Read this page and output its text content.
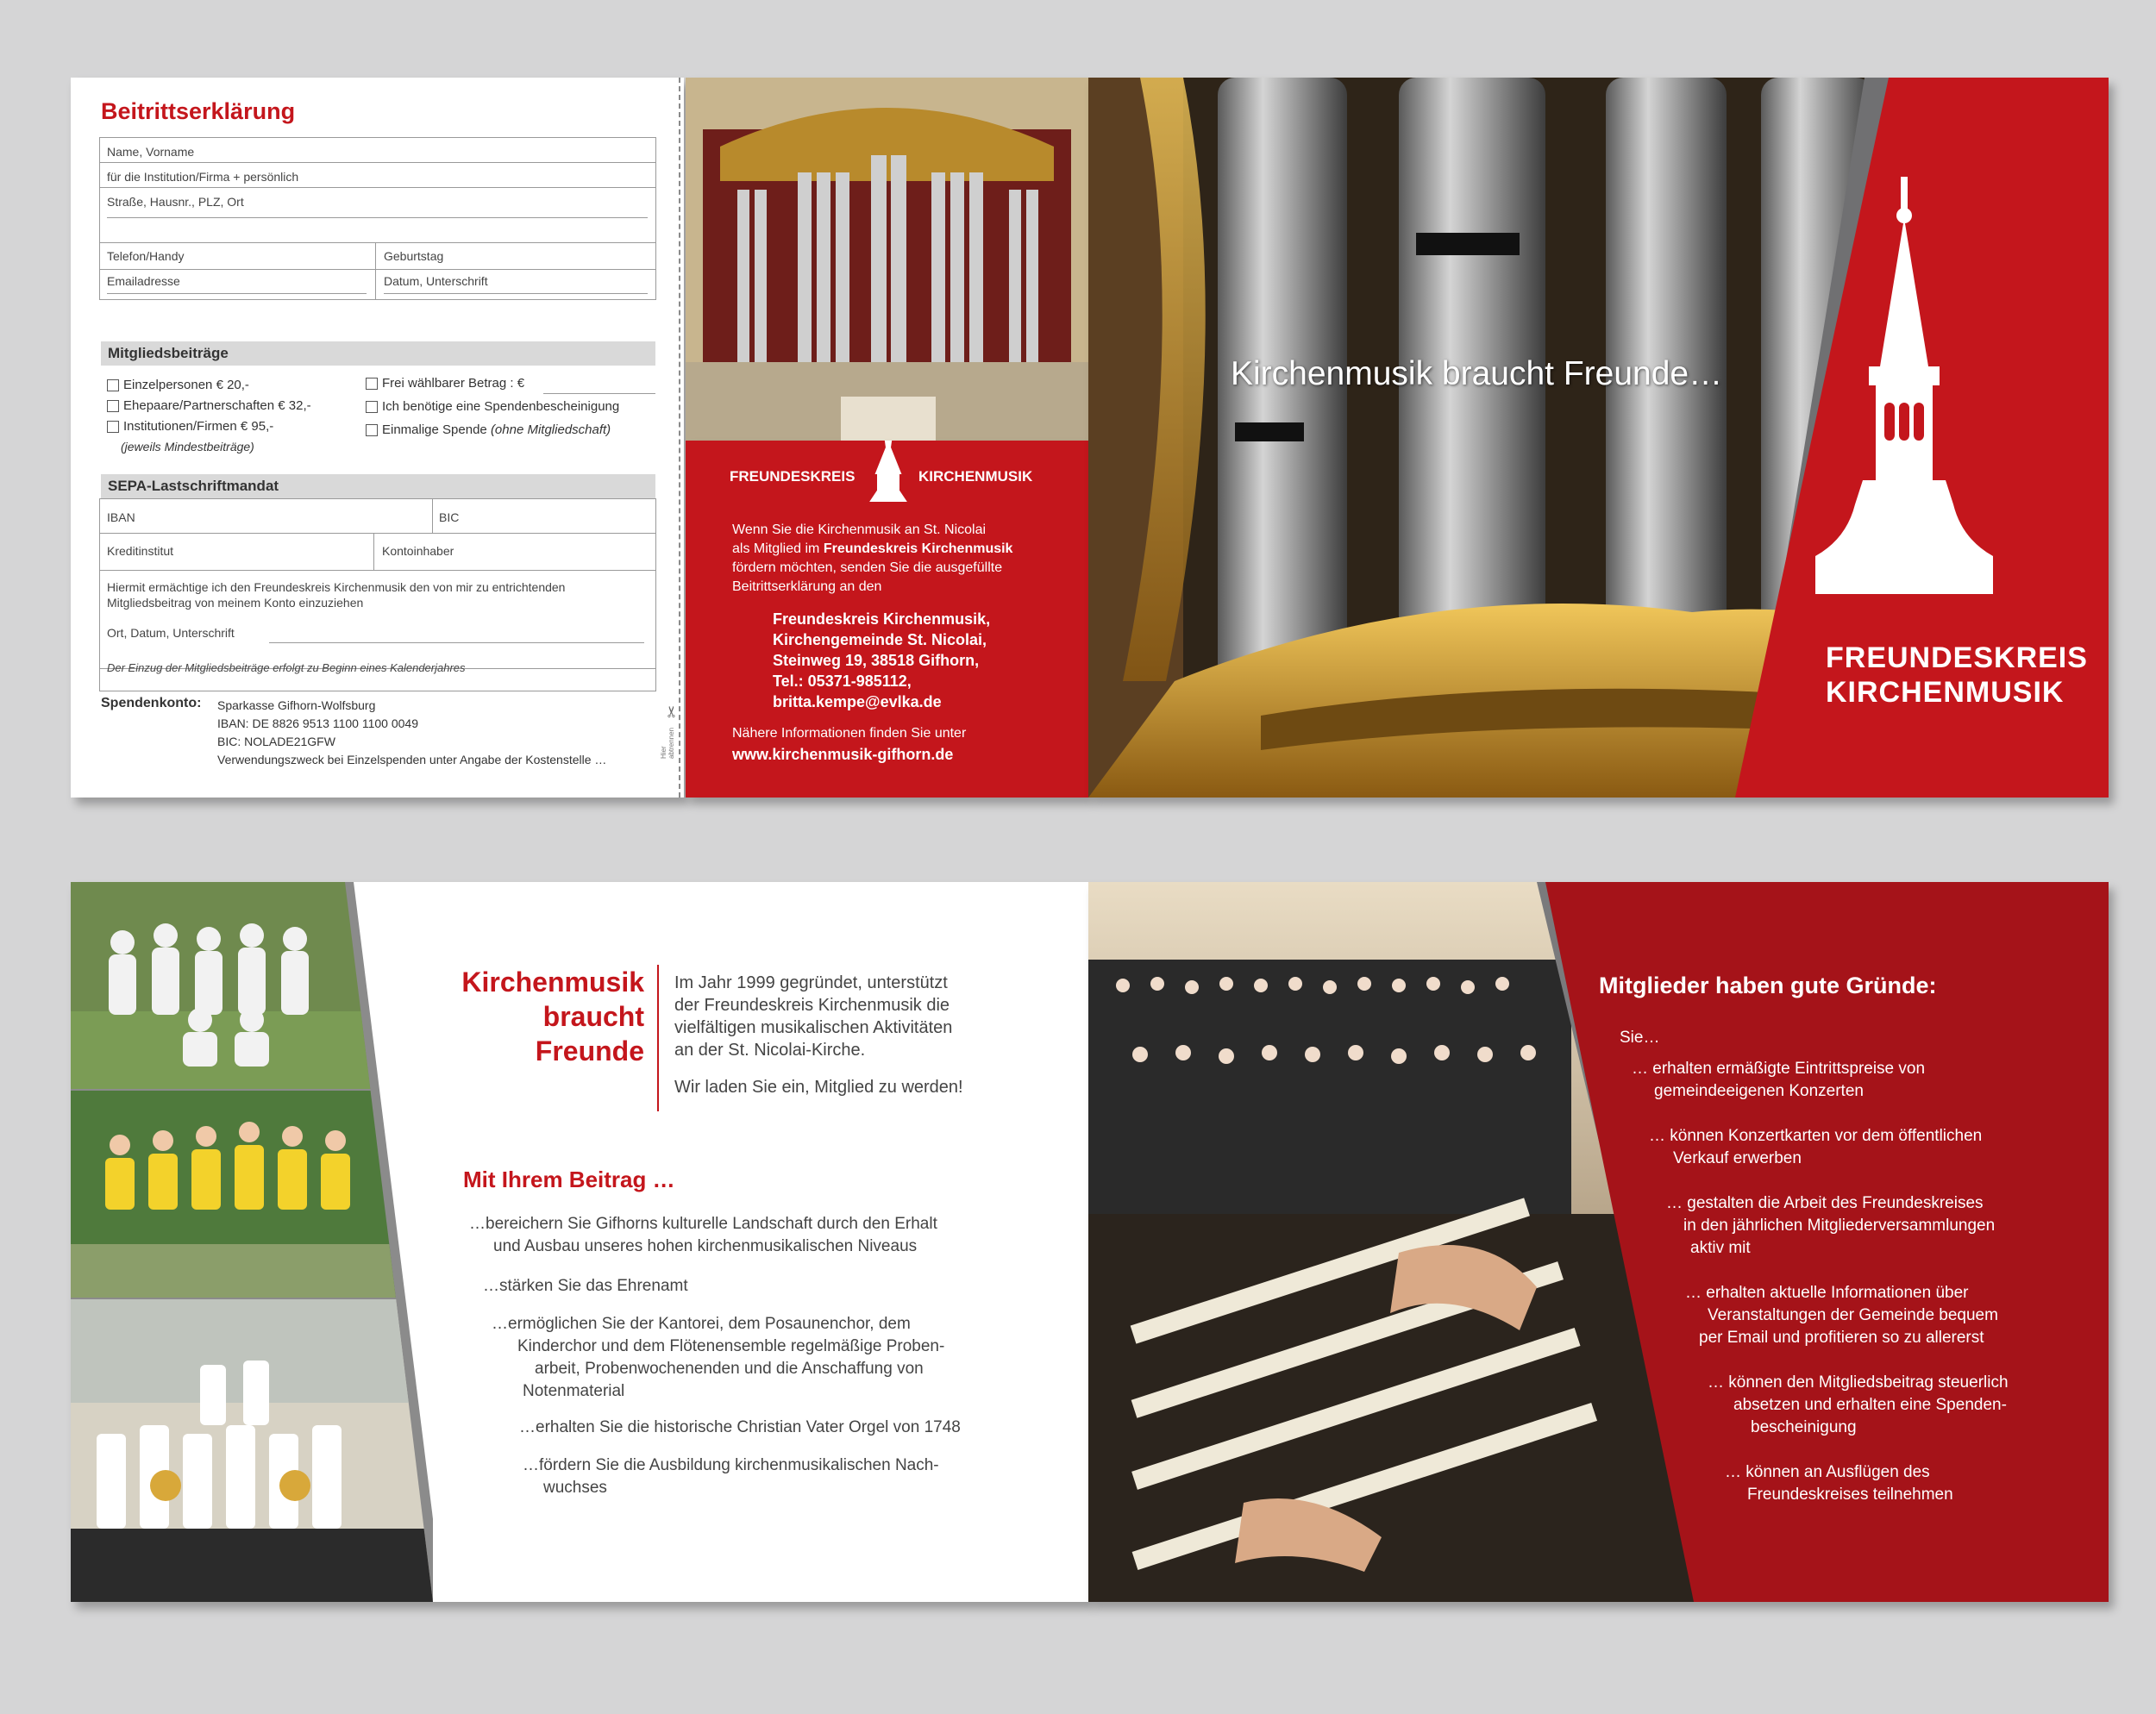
Beitrittserklärung
Name, Vorname
für die Institution/Firma + persönlich
Straße, Hausnr., PLZ, Ort
Telefon/Handy	Geburtstag
Emailadresse	Datum, Unterschrift
Mitgliedsbeiträge
Einzelpersonen € 20,-
Ehepaare/Partnerschaften € 32,-
Institutionen/Firmen € 95,-
(jeweils Mindestbeiträge)
Frei wählbarer Betrag : €
Ich benötige eine Spendenbescheinigung
Einmalige Spende (ohne Mitgliedschaft)
SEPA-Lastschriftmandat
IBAN	BIC
Kreditinstitut	Kontoinhaber
Hiermit ermächtige ich den Freundeskreis Kirchenmusik den von mir zu entrichtenden Mitgliedsbeitrag von meinem Konto einzuziehen
Ort, Datum, Unterschrift
Der Einzug der Mitgliedsbeiträge erfolgt zu Beginn eines Kalenderjahres
Spendenkonto: Sparkasse Gifhorn-Wolfsburg
IBAN: DE 8826 9513 1100 1100 0049
BIC: NOLADE21GFW
Verwendungszweck bei Einzelspenden unter Angabe der Kostenstelle …
Hier abtrennen
✂
FREUNDESKREIS	KIRCHENMUSIK
Wenn Sie die Kirchenmusik an St. Nicolai
als Mitglied im Freundeskreis Kirchenmusik
fördern möchten, senden Sie die ausgefüllte
Beitrittserklärung an den
Freundeskreis Kirchenmusik,
Kirchengemeinde St. Nicolai,
Steinweg 19, 38518 Gifhorn,
Tel.: 05371-985112,
britta.kempe@evlka.de
Nähere Informationen finden Sie unter
www.kirchenmusik-gifhorn.de
Kirchenmusik braucht Freunde…
FREUNDESKREIS
KIRCHENMUSIK
Kirchenmusik
braucht Freunde
Im Jahr 1999 gegründet, unterstützt
der Freundeskreis Kirchenmusik die
vielfältigen musikalischen Aktivitäten
an der St. Nicolai-Kirche.
Wir laden Sie ein, Mitglied zu werden!
Mit Ihrem Beitrag …
…bereichern Sie Gifhorns kulturelle Landschaft durch den Erhalt
und Ausbau unseres hohen kirchenmusikalischen Niveaus
…stärken Sie das Ehrenamt
…ermöglichen Sie der Kantorei, dem Posaunenchor, dem
Kinderchor und dem Flötenensemble regelmäßige Proben-
arbeit, Probenwochenenden und die Anschaffung von
Notenmaterial
…erhalten Sie die historische Christian Vater Orgel von 1748
…fördern Sie die Ausbildung kirchenmusikalischen Nach-
wuchses
Mitglieder haben gute Gründe:
Sie…
… erhalten ermäßigte Eintrittspreise von
gemeindeeigenen Konzerten
… können Konzertkarten vor dem öffentlichen
Verkauf erwerben
… gestalten die Arbeit des Freundeskreises
in den jährlichen Mitgliederversammlungen
aktiv mit
… erhalten aktuelle Informationen über
Veranstaltungen der Gemeinde bequem
per Email und profitieren so zu allererst
… können den Mitgliedsbeitrag steuerlich
absetzen und erhalten eine Spenden-
bescheinigung
… können an Ausflügen des
Freundeskreises teilnehmen
